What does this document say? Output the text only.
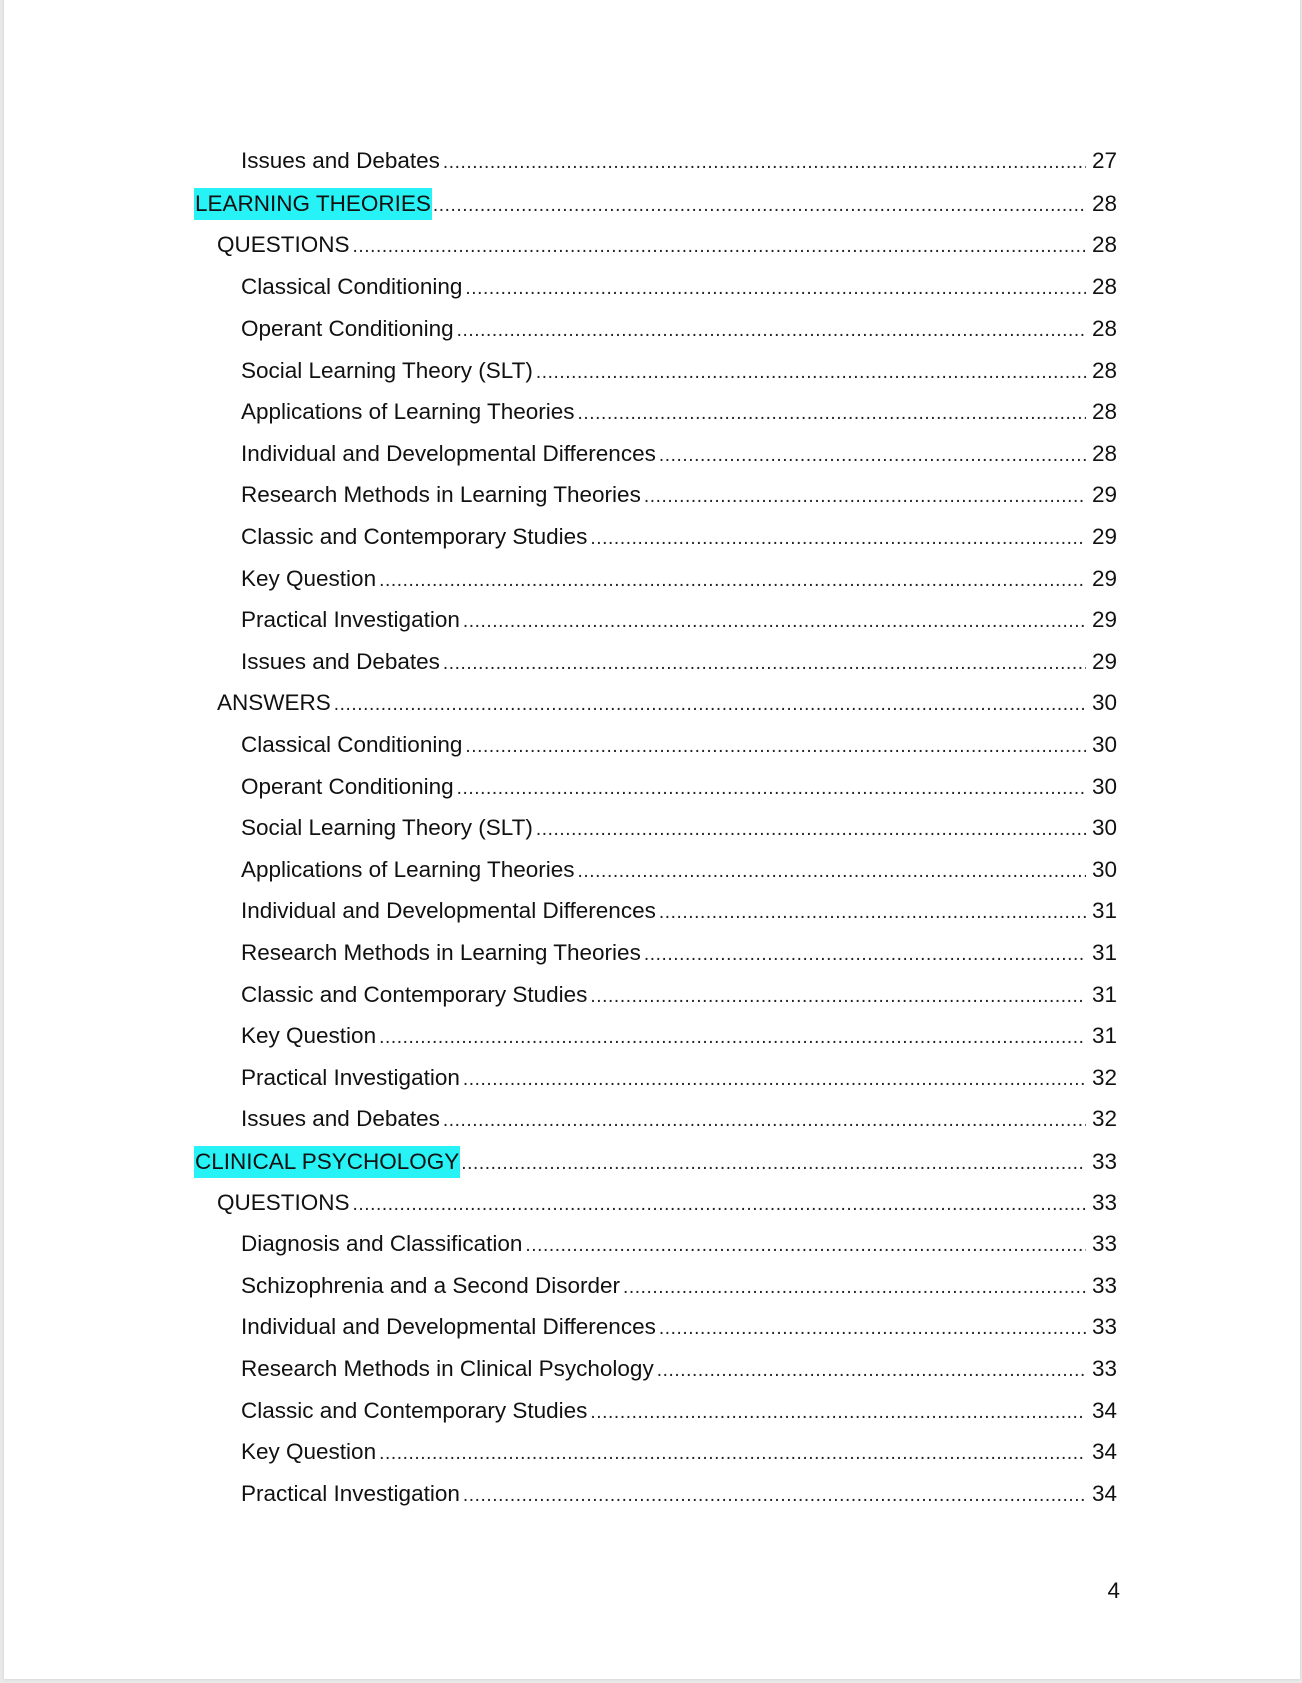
Issues and Debates .....	27
LEARNING THEORIES .....	28
QUESTIONS .....	28
Classical Conditioning .....	28
Operant Conditioning .....	28
Social Learning Theory (SLT) .....	28
Applications of Learning Theories .....	28
Individual and Developmental Differences .....	28
Research Methods in Learning Theories .....	29
Classic and Contemporary Studies .....	29
Key Question .....	29
Practical Investigation .....	29
Issues and Debates .....	29
ANSWERS .....	30
Classical Conditioning .....	30
Operant Conditioning .....	30
Social Learning Theory (SLT) .....	30
Applications of Learning Theories .....	30
Individual and Developmental Differences .....	31
Research Methods in Learning Theories .....	31
Classic and Contemporary Studies .....	31
Key Question .....	31
Practical Investigation .....	32
Issues and Debates .....	32
CLINICAL PSYCHOLOGY .....	33
QUESTIONS .....	33
Diagnosis and Classification .....	33
Schizophrenia and a Second Disorder .....	33
Individual and Developmental Differences .....	33
Research Methods in Clinical Psychology .....	33
Classic and Contemporary Studies .....	34
Key Question .....	34
Practical Investigation .....	34
4
